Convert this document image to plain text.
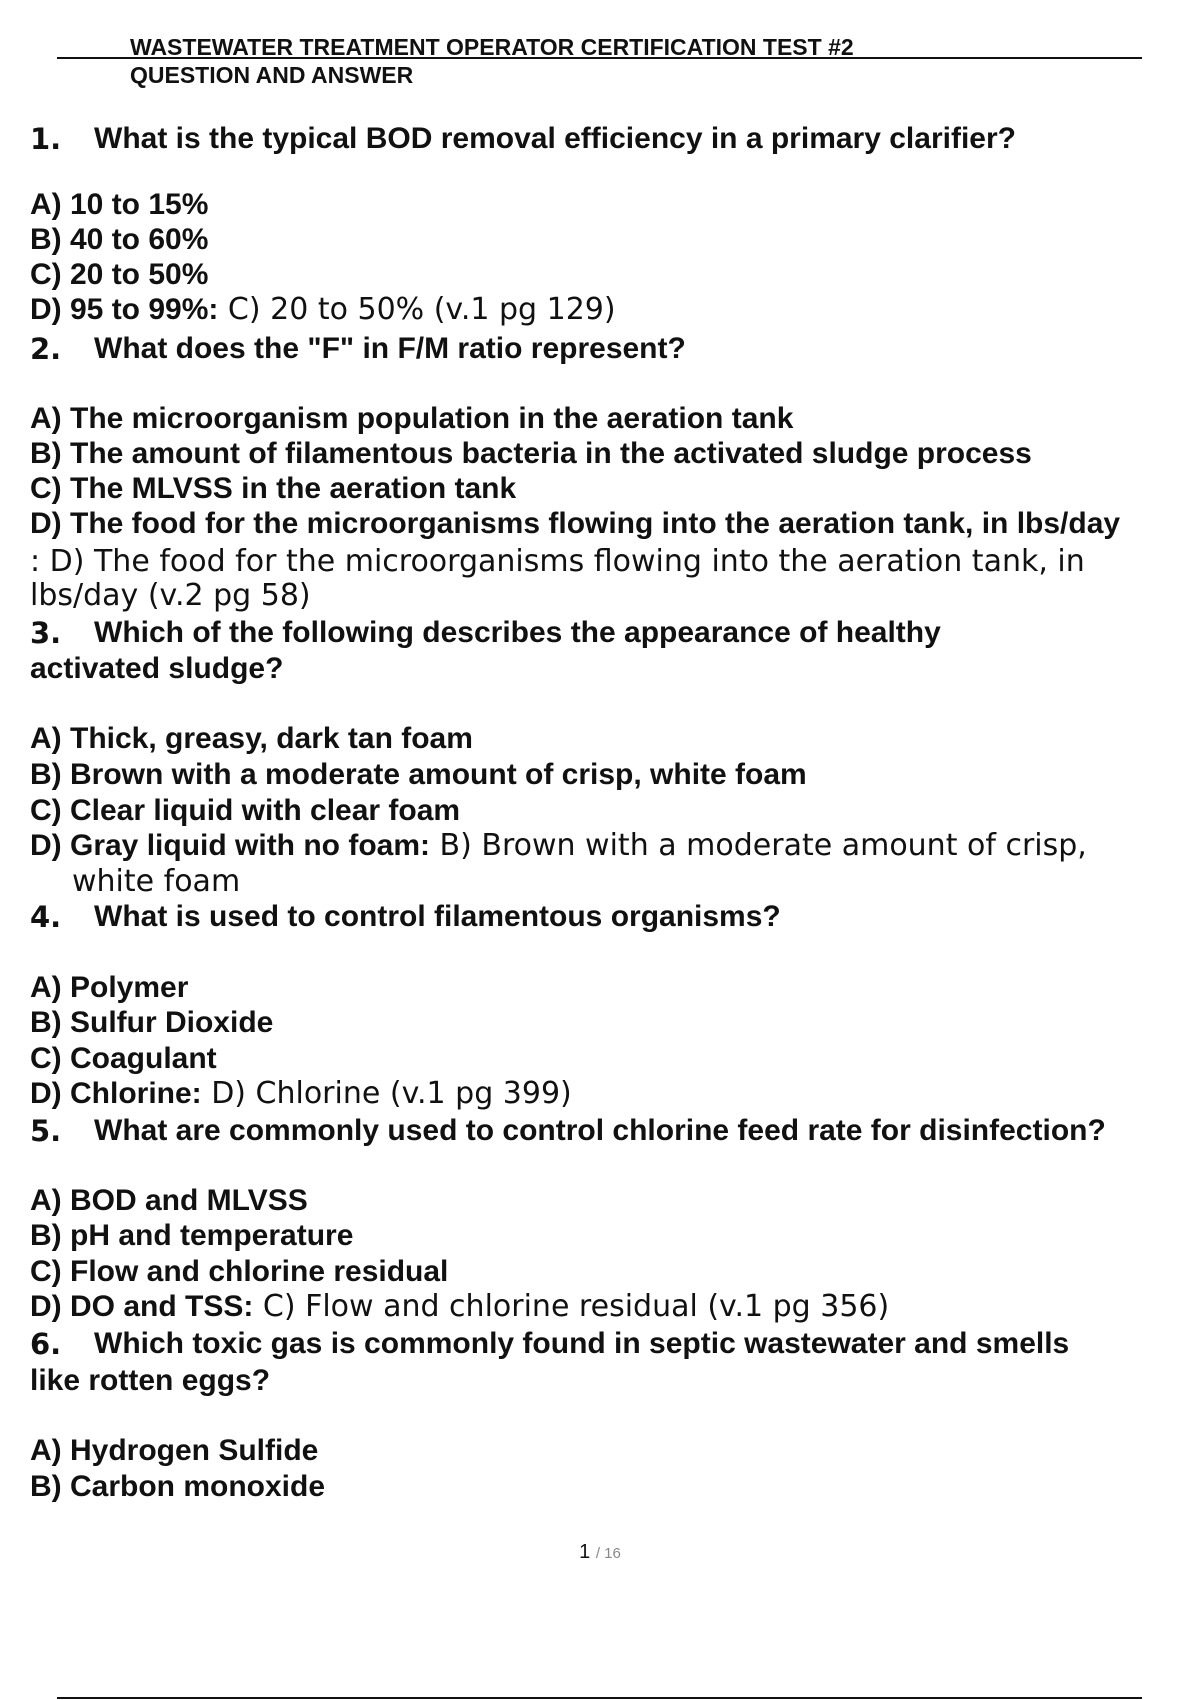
WASTEWATER TREATMENT OPERATOR CERTIFICATION TEST #2
QUESTION AND ANSWER
1. What is the typical BOD removal efficiency in a primary clarifier?
A) 10 to 15%
B) 40 to 60%
C) 20 to 50%
D) 95 to 99%: C) 20 to 50% (v.1 pg 129)
2. What does the "F" in F/M ratio represent?
A) The microorganism population in the aeration tank
B) The amount of filamentous bacteria in the activated sludge process
C) The MLVSS in the aeration tank
D) The food for the microorganisms flowing into the aeration tank, in lbs/day
: D) The food for the microorganisms flowing into the aeration tank, in
lbs/day (v.2 pg 58)
3. Which of the following describes the appearance of healthy
activated sludge?
A) Thick, greasy, dark tan foam
B) Brown with a moderate amount of crisp, white foam
C) Clear liquid with clear foam
D) Gray liquid with no foam: B) Brown with a moderate amount of crisp,
white foam
4. What is used to control filamentous organisms?
A) Polymer
B) Sulfur Dioxide
C) Coagulant
D) Chlorine: D) Chlorine (v.1 pg 399)
5. What are commonly used to control chlorine feed rate for disinfection?
A) BOD and MLVSS
B) pH and temperature
C) Flow and chlorine residual
D) DO and TSS: C) Flow and chlorine residual (v.1 pg 356)
6. Which toxic gas is commonly found in septic wastewater and smells
like rotten eggs?
A) Hydrogen Sulfide
B) Carbon monoxide
1 / 16
